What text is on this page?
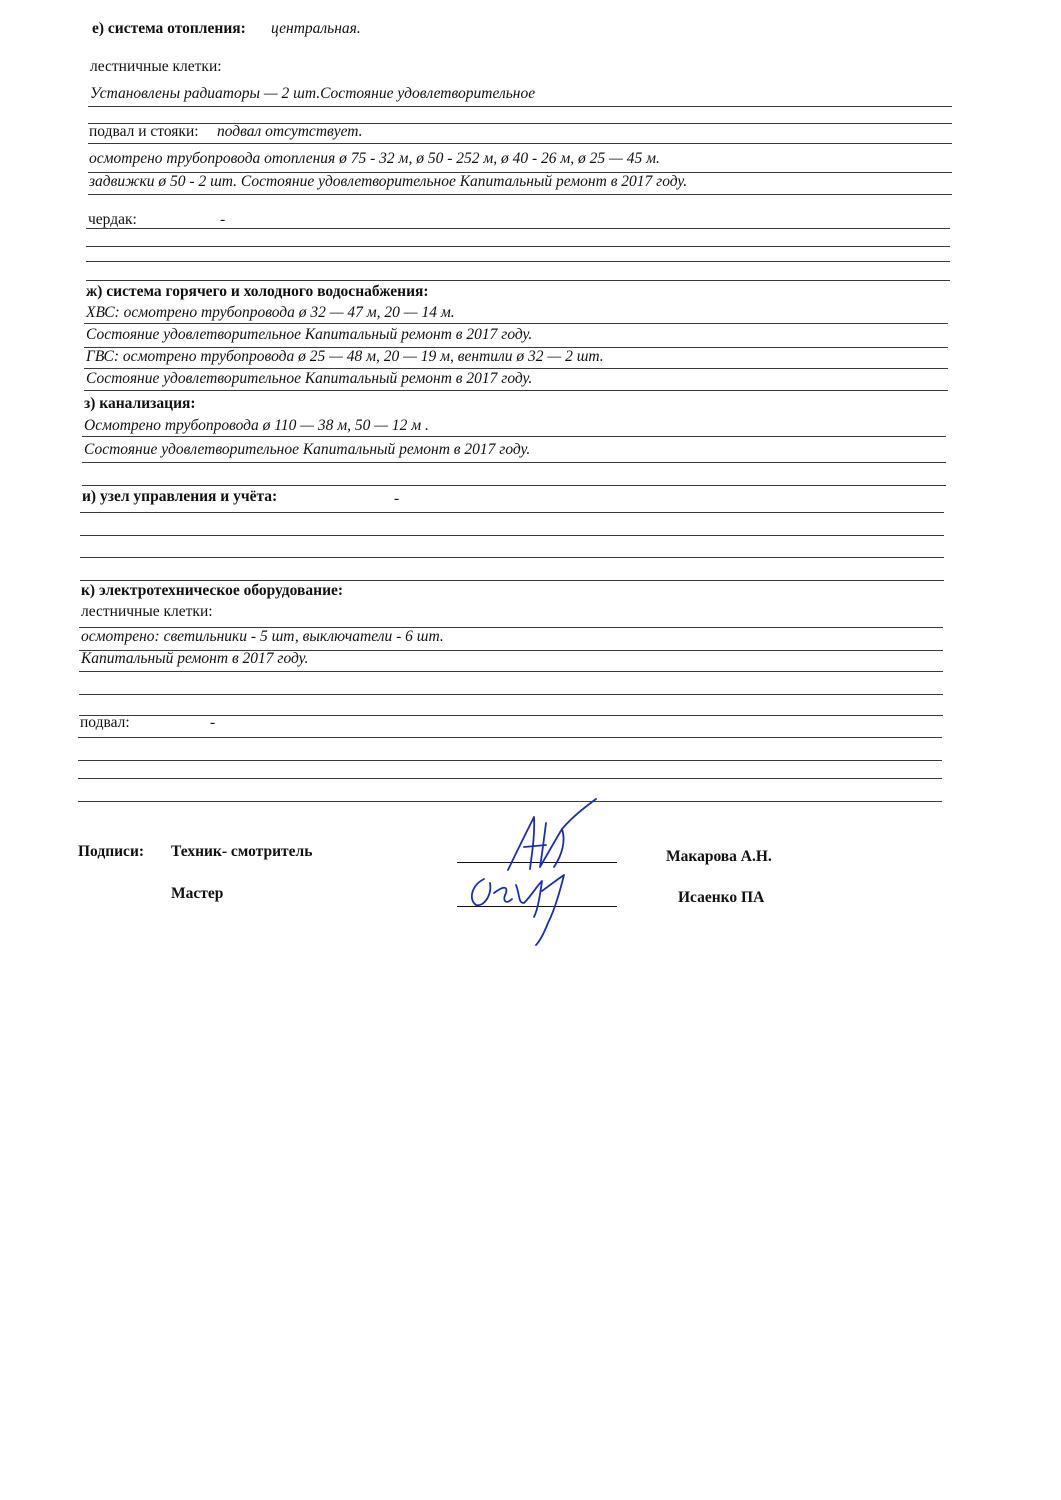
е) система отопления: центральная.
лестничные клетки:
Установлены радиаторы — 2 шт.Состояние удовлетворительное
подвал и стояки: подвал отсутствует.
осмотрено трубопровода отопления ø 75 - 32 м, ø 50 - 252 м, ø 40 - 26 м, ø 25 — 45 м.
задвижки ø 50 - 2 шт. Состояние удовлетворительное Капитальный ремонт в 2017 году.
чердак:	-
ж) система горячего и холодного водоснабжения:
ХВС: осмотрено трубопровода ø 32 — 47 м, 20 — 14 м.
Состояние удовлетворительное Капитальный ремонт в 2017 году.
ГВС: осмотрено трубопровода ø 25 — 48 м, 20 — 19 м, вентили ø 32 — 2 шт.
Состояние удовлетворительное Капитальный ремонт в 2017 году.
з) канализация:
Осмотрено трубопровода ø 110 — 38 м, 50 — 12 м .
Состояние удовлетворительное Капитальный ремонт в 2017 году.
и) узел управления и учёта:	-
к) электротехническое оборудование:
лестничные клетки:
осмотрено: светильники - 5 шт, выключатели - 6 шт.
Капитальный ремонт в 2017 году.
подвал:	-
Подписи: Техник- смотритель	Макарова А.Н.
Мастер	Исаенко ПА
